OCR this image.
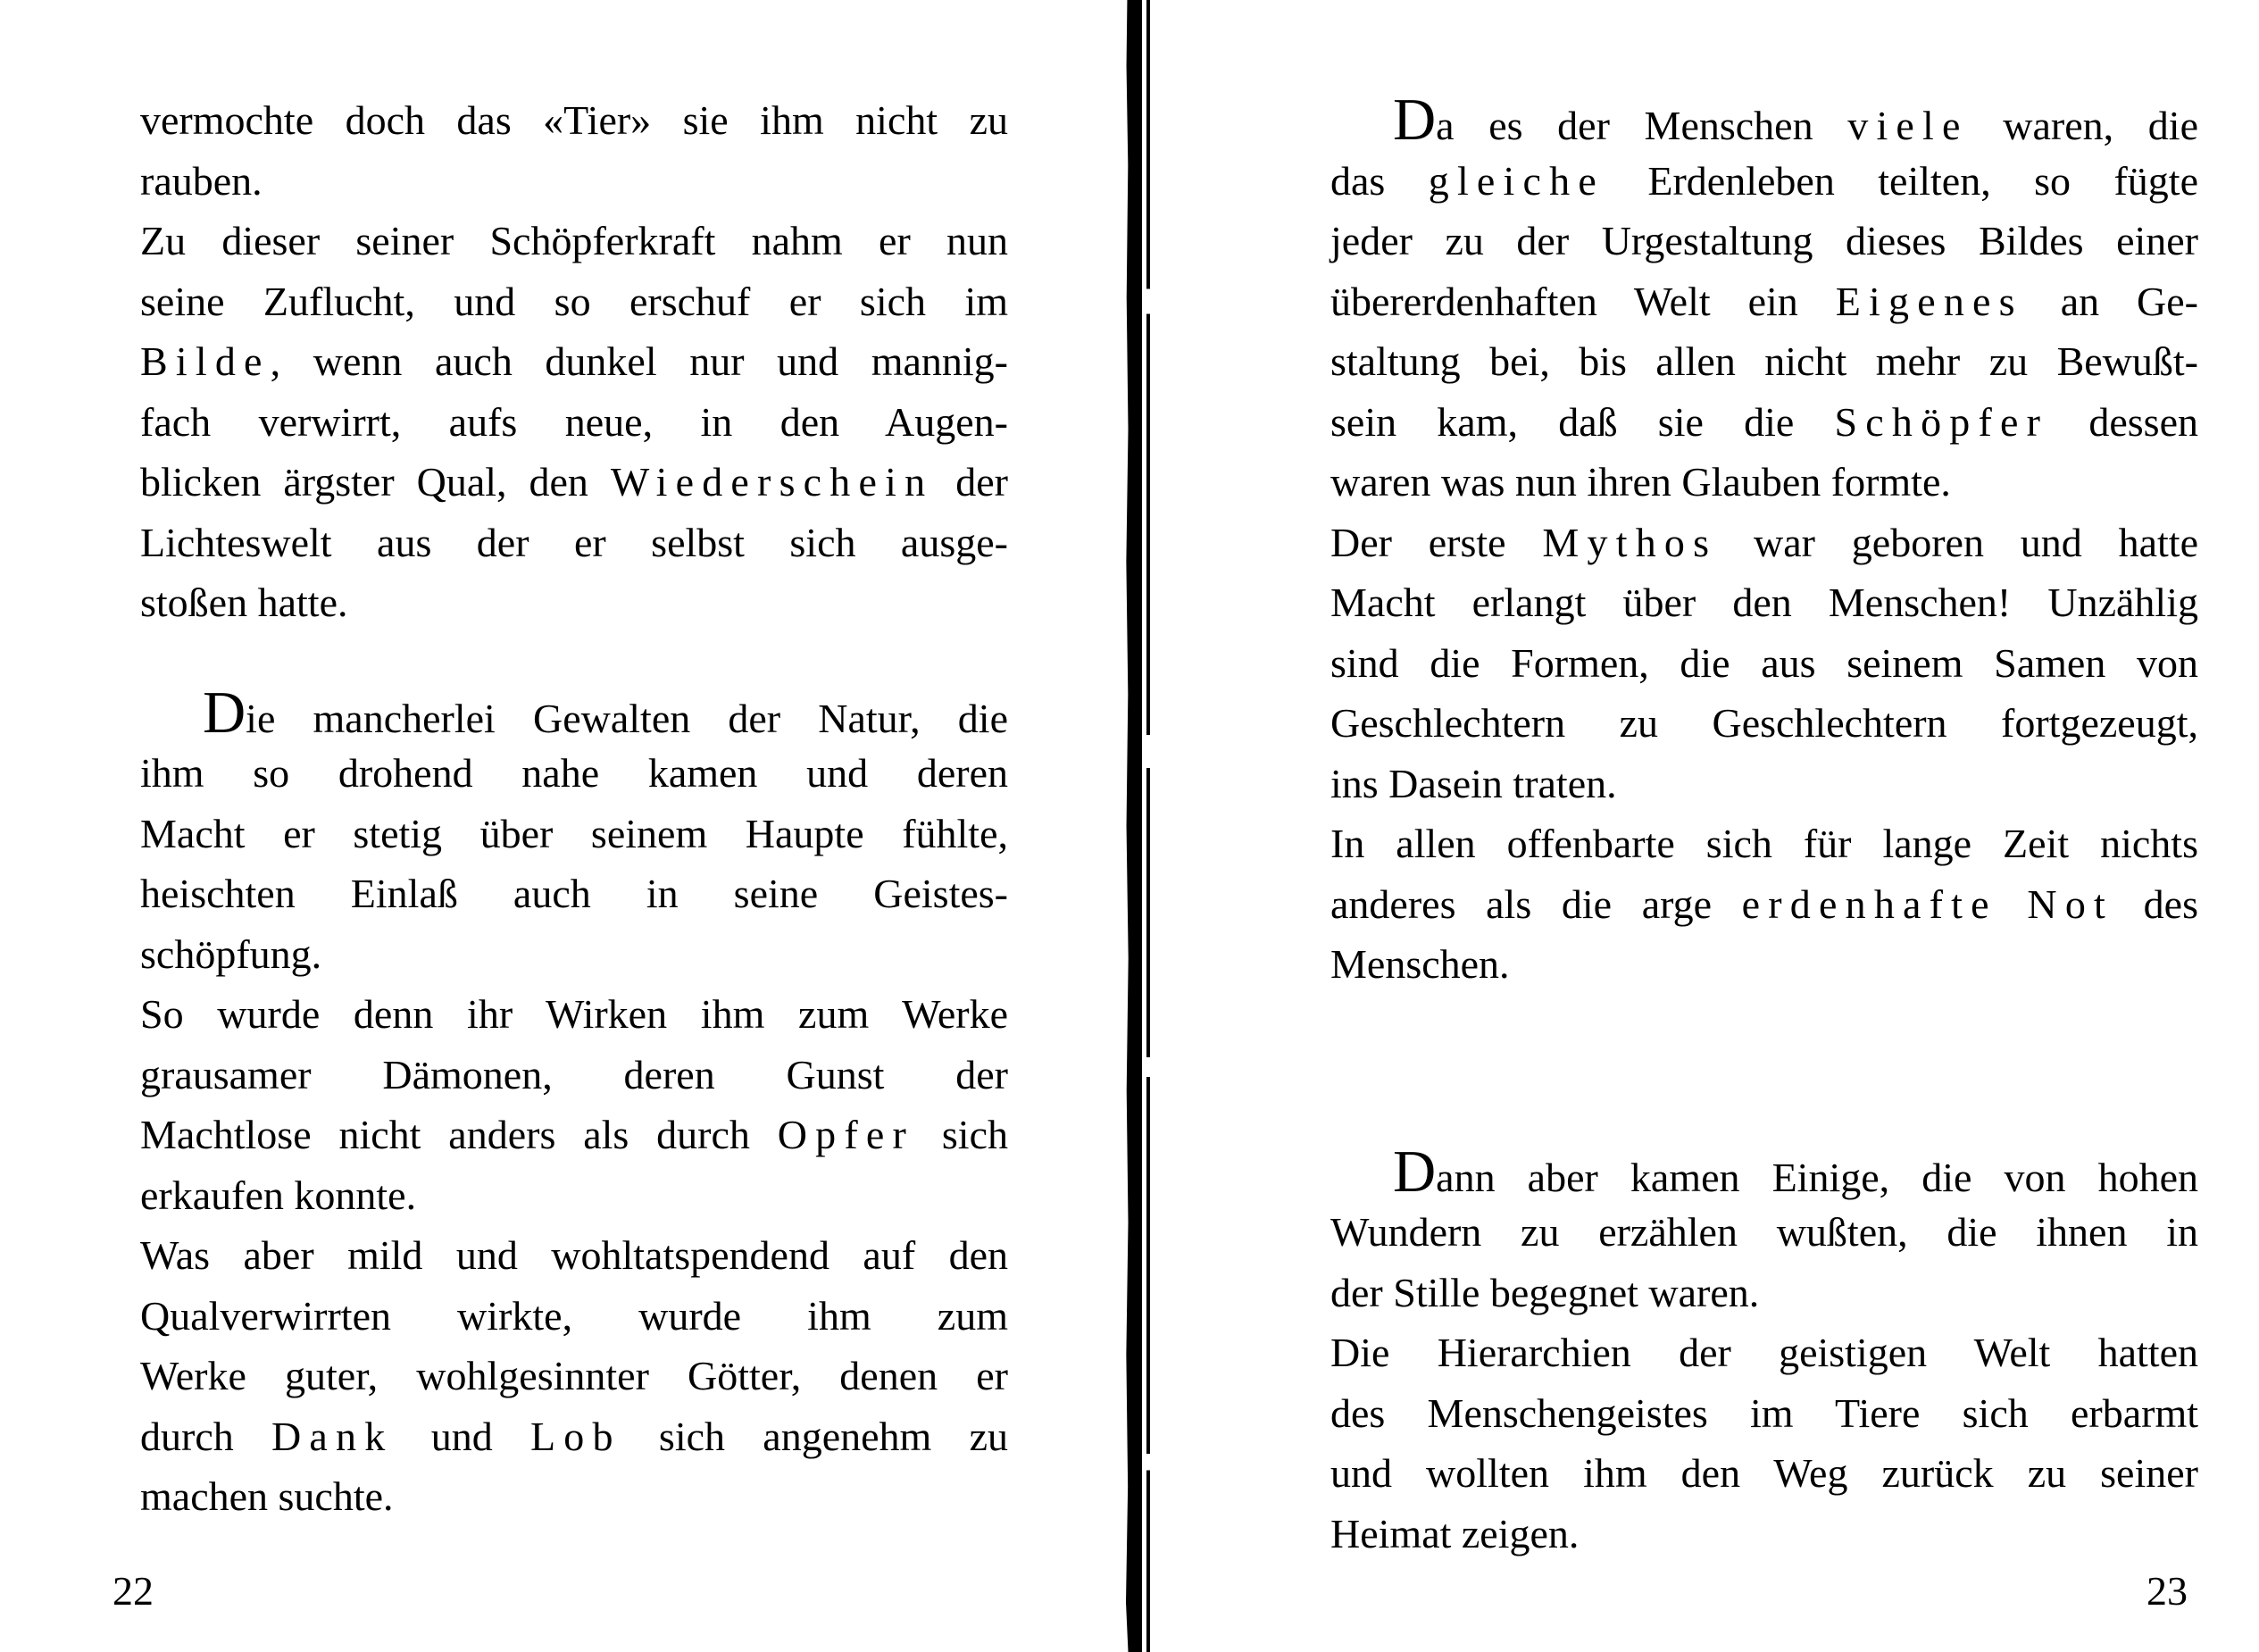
vermochte doch das «Tier» sie ihm nicht zu
rauben.
Zu dieser seiner Schöpferkraft nahm er nun
seine Zuflucht, und so erschuf er sich im
Bilde, wenn auch dunkel nur und mannig-
fach verwirrt, aufs neue, in den Augen-
blicken ärgster Qual, den Wiederschein der
Lichteswelt aus der er selbst sich ausge-
stoßen hatte.
Die mancherlei Gewalten der Natur, die
ihm so drohend nahe kamen und deren
Macht er stetig über seinem Haupte fühlte,
heischten Einlaß auch in seine Geistes-
schöpfung.
So wurde denn ihr Wirken ihm zum Werke
grausamer Dämonen, deren Gunst der
Machtlose nicht anders als durch Opfer sich
erkaufen konnte.
Was aber mild und wohltatspendend auf den
Qualverwirrten wirkte, wurde ihm zum
Werke guter, wohlgesinnter Götter, denen er
durch Dank und Lob sich angenehm zu
machen suchte.
Da es der Menschen viele waren, die
das gleiche Erdenleben teilten, so fügte
jeder zu der Urgestaltung dieses Bildes einer
übererdenhaften Welt ein Eigenes an Ge-
staltung bei, bis allen nicht mehr zu Bewußt-
sein kam, daß sie die Schöpfer dessen
waren was nun ihren Glauben formte.
Der erste Mythos war geboren und hatte
Macht erlangt über den Menschen! Unzählig
sind die Formen, die aus seinem Samen von
Geschlechtern zu Geschlechtern fortgezeugt,
ins Dasein traten.
In allen offenbarte sich für lange Zeit nichts
anderes als die arge erdenhafte Not des
Menschen.
Dann aber kamen Einige, die von hohen
Wundern zu erzählen wußten, die ihnen in
der Stille begegnet waren.
Die Hierarchien der geistigen Welt hatten
des Menschengeistes im Tiere sich erbarmt
und wollten ihm den Weg zurück zu seiner
Heimat zeigen.
22	23
